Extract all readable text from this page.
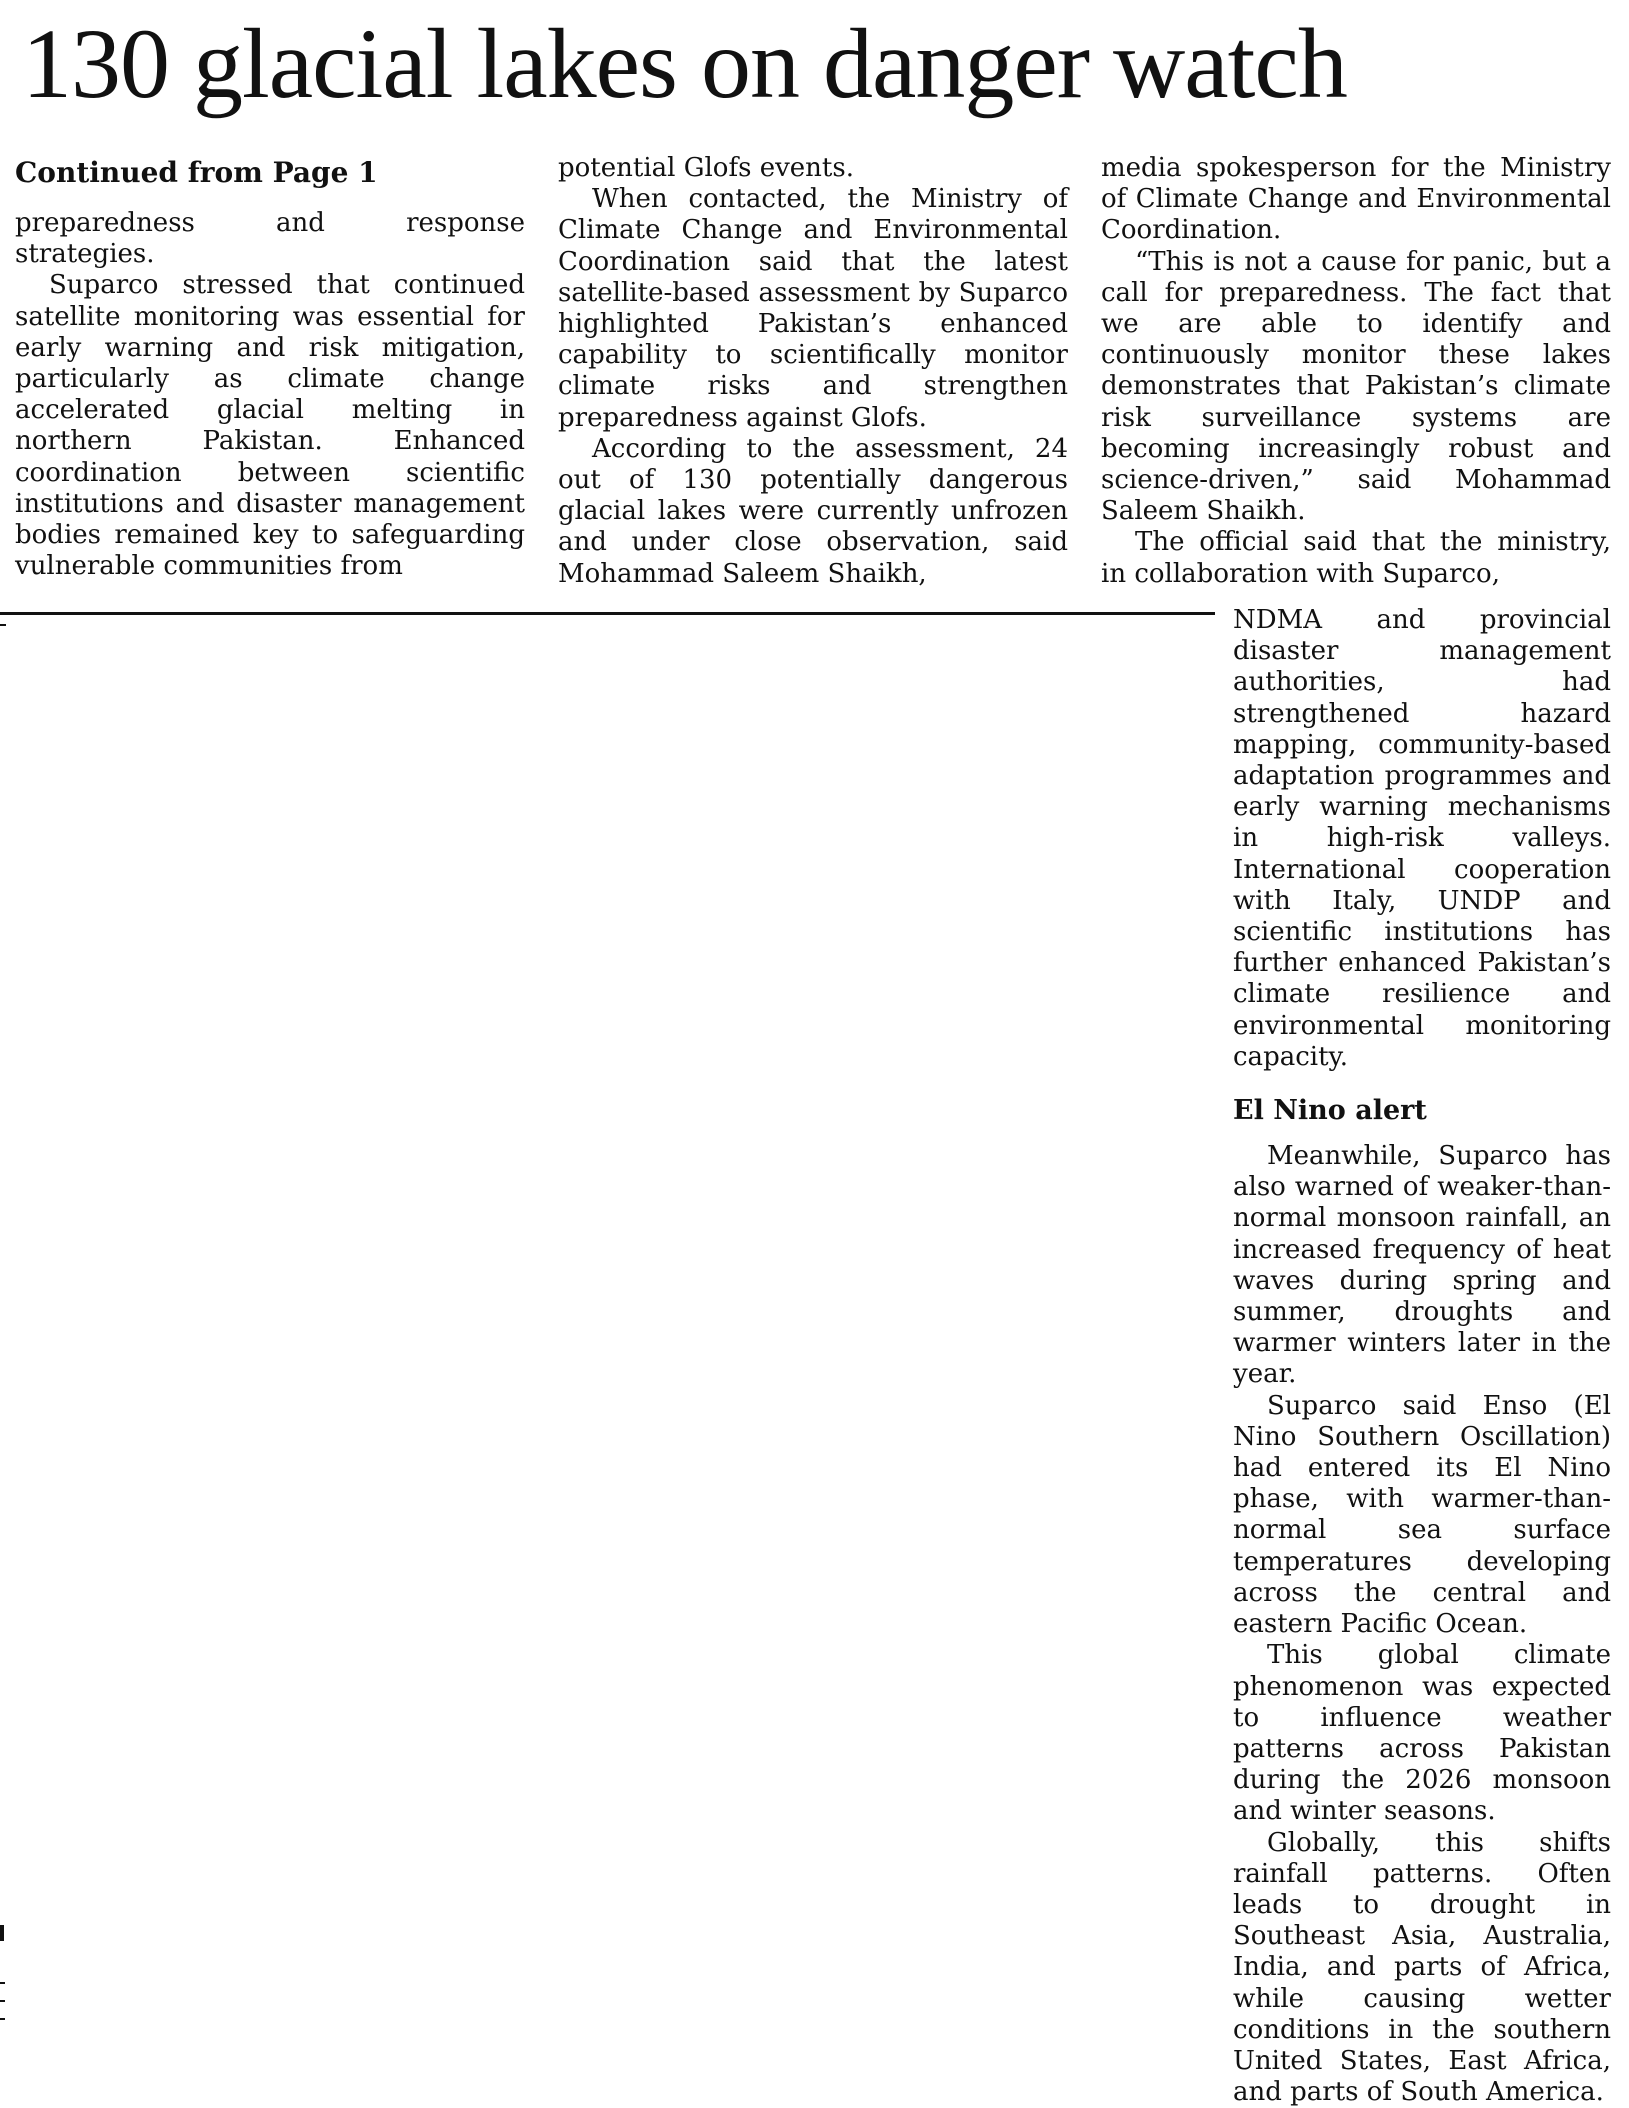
130 glacial lakes on danger watch
Continued from Page 1

preparedness and response strategies.

Suparco stressed that continued satellite monitoring was essential for early warning and risk mitigation, particularly as climate change accelerated glacial melting in northern Pakistan. Enhanced coordination between scientific institutions and disaster management bodies remained key to safeguarding vulnerable communities from

potential Glofs events.

When contacted, the Ministry of Climate Change and Environmental Coordination said that the latest satellite-based assessment by Suparco highlighted Pakistan’s enhanced capability to scientifically monitor climate risks and strengthen preparedness against Glofs.

According to the assessment, 24 out of 130 potentially dangerous glacial lakes were currently unfrozen and under close observation, said Mohammad Saleem Shaikh,

media spokesperson for the Ministry of Climate Change and Environmental Coordination.

“This is not a cause for panic, but a call for preparedness. The fact that we are able to identify and continuously monitor these lakes demonstrates that Pakistan’s climate risk surveillance systems are becoming increasingly robust and science-driven,” said Mohammad Saleem Shaikh.

The official said that the ministry, in collaboration with Suparco,

NDMA and provincial disaster management authorities, had strengthened hazard mapping, community-based adaptation programmes and early warning mechanisms in high-risk valleys. International cooperation with Italy, UNDP and scientific institutions has further enhanced Pakistan’s climate resilience and environmental monitoring capacity.

El Nino alert

Meanwhile, Suparco has also warned of weaker-than-normal monsoon rainfall, an increased frequency of heat waves during spring and summer, droughts and warmer winters later in the year.

Suparco said Enso (El Nino Southern Oscillation) had entered its El Nino phase, with warmer-than-normal sea surface temperatures developing across the central and eastern Pacific Ocean.

This global climate phenomenon was expected to influence weather patterns across Pakistan during the 2026 monsoon and winter seasons.

Globally, this shifts rainfall patterns. Often leads to drought in Southeast Asia, Australia, India, and parts of Africa, while causing wetter conditions in the southern United States, East Africa, and parts of South America.
